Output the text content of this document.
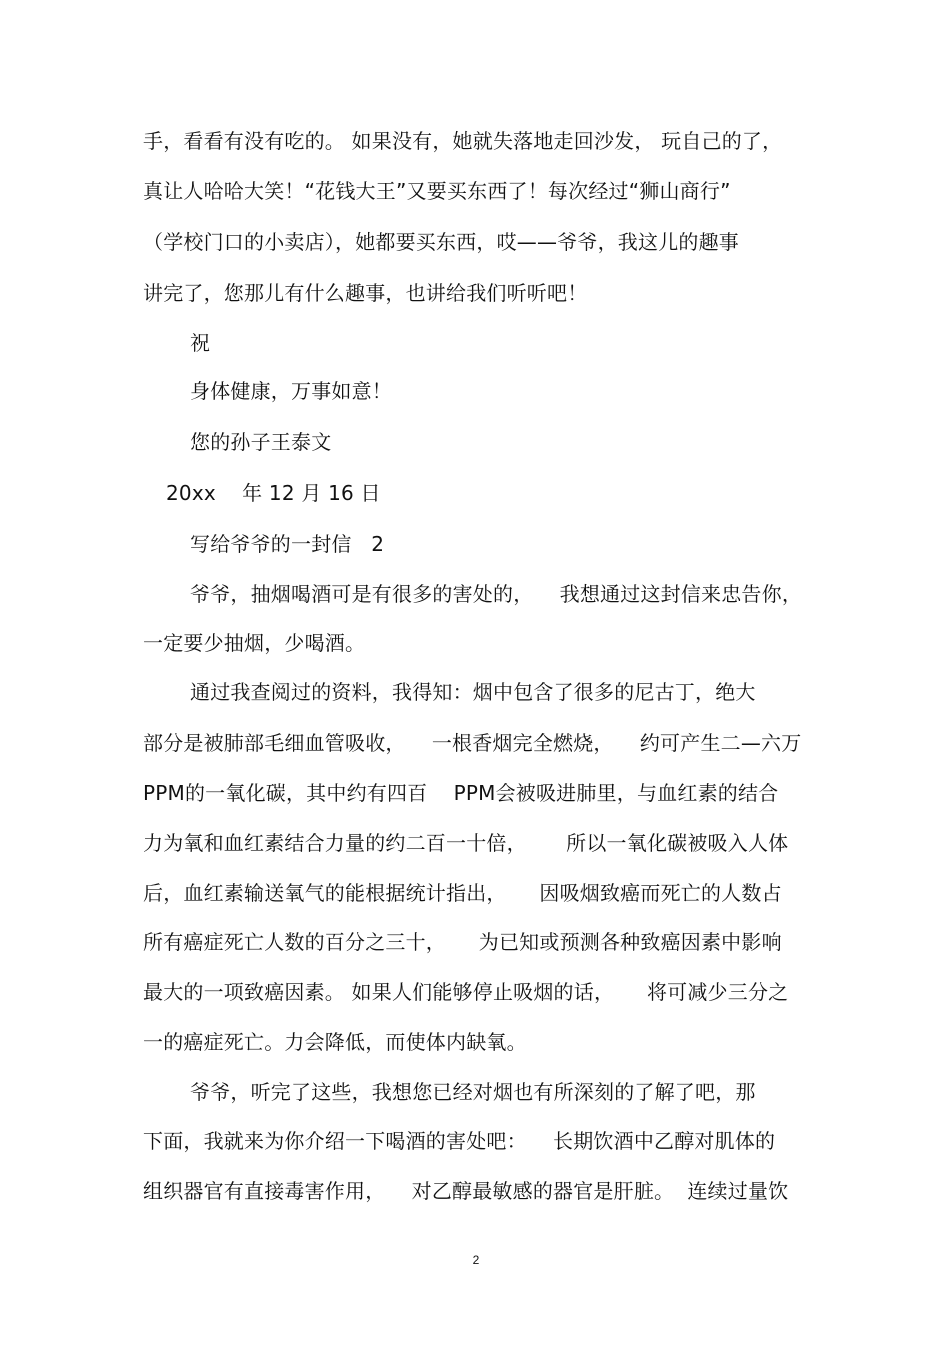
手，看看有没有吃的。 如果没有，她就失落地走回沙发， 玩自己的了，
真让人哈哈大笑！“花钱大王”又要买东西了！每次经过“狮山商行”
（学校门口的小卖店），她都要买东西，哎——爷爷，我这儿的趣事
讲完了，您那儿有什么趣事，也讲给我们听听吧！
祝
身体健康，万事如意！
您的孙子王泰文
20xx    年 12 月 16 日
写给爷爷的一封信   2
爷爷，抽烟喝酒可是有很多的害处的，    我想通过这封信来忠告你，
一定要少抽烟，少喝酒。
通过我查阅过的资料，我得知：烟中包含了很多的尼古丁，绝大
部分是被肺部毛细血管吸收，    一根香烟完全燃烧，    约可产生二—六万
PPM的一氧化碳，其中约有四百    PPM会被吸进肺里，与血红素的结合
力为氧和血红素结合力量的约二百一十倍，      所以一氧化碳被吸入人体
后，血红素输送氧气的能根据统计指出，     因吸烟致癌而死亡的人数占
所有癌症死亡人数的百分之三十，     为已知或预测各种致癌因素中影响
最大的一项致癌因素。 如果人们能够停止吸烟的话，     将可减少三分之
一的癌症死亡。力会降低，而使体内缺氧。
爷爷，听完了这些，我想您已经对烟也有所深刻的了解了吧，那
下面，我就来为你介绍一下喝酒的害处吧：    长期饮酒中乙醇对肌体的
组织器官有直接毒害作用，    对乙醇最敏感的器官是肝脏。  连续过量饮
2
